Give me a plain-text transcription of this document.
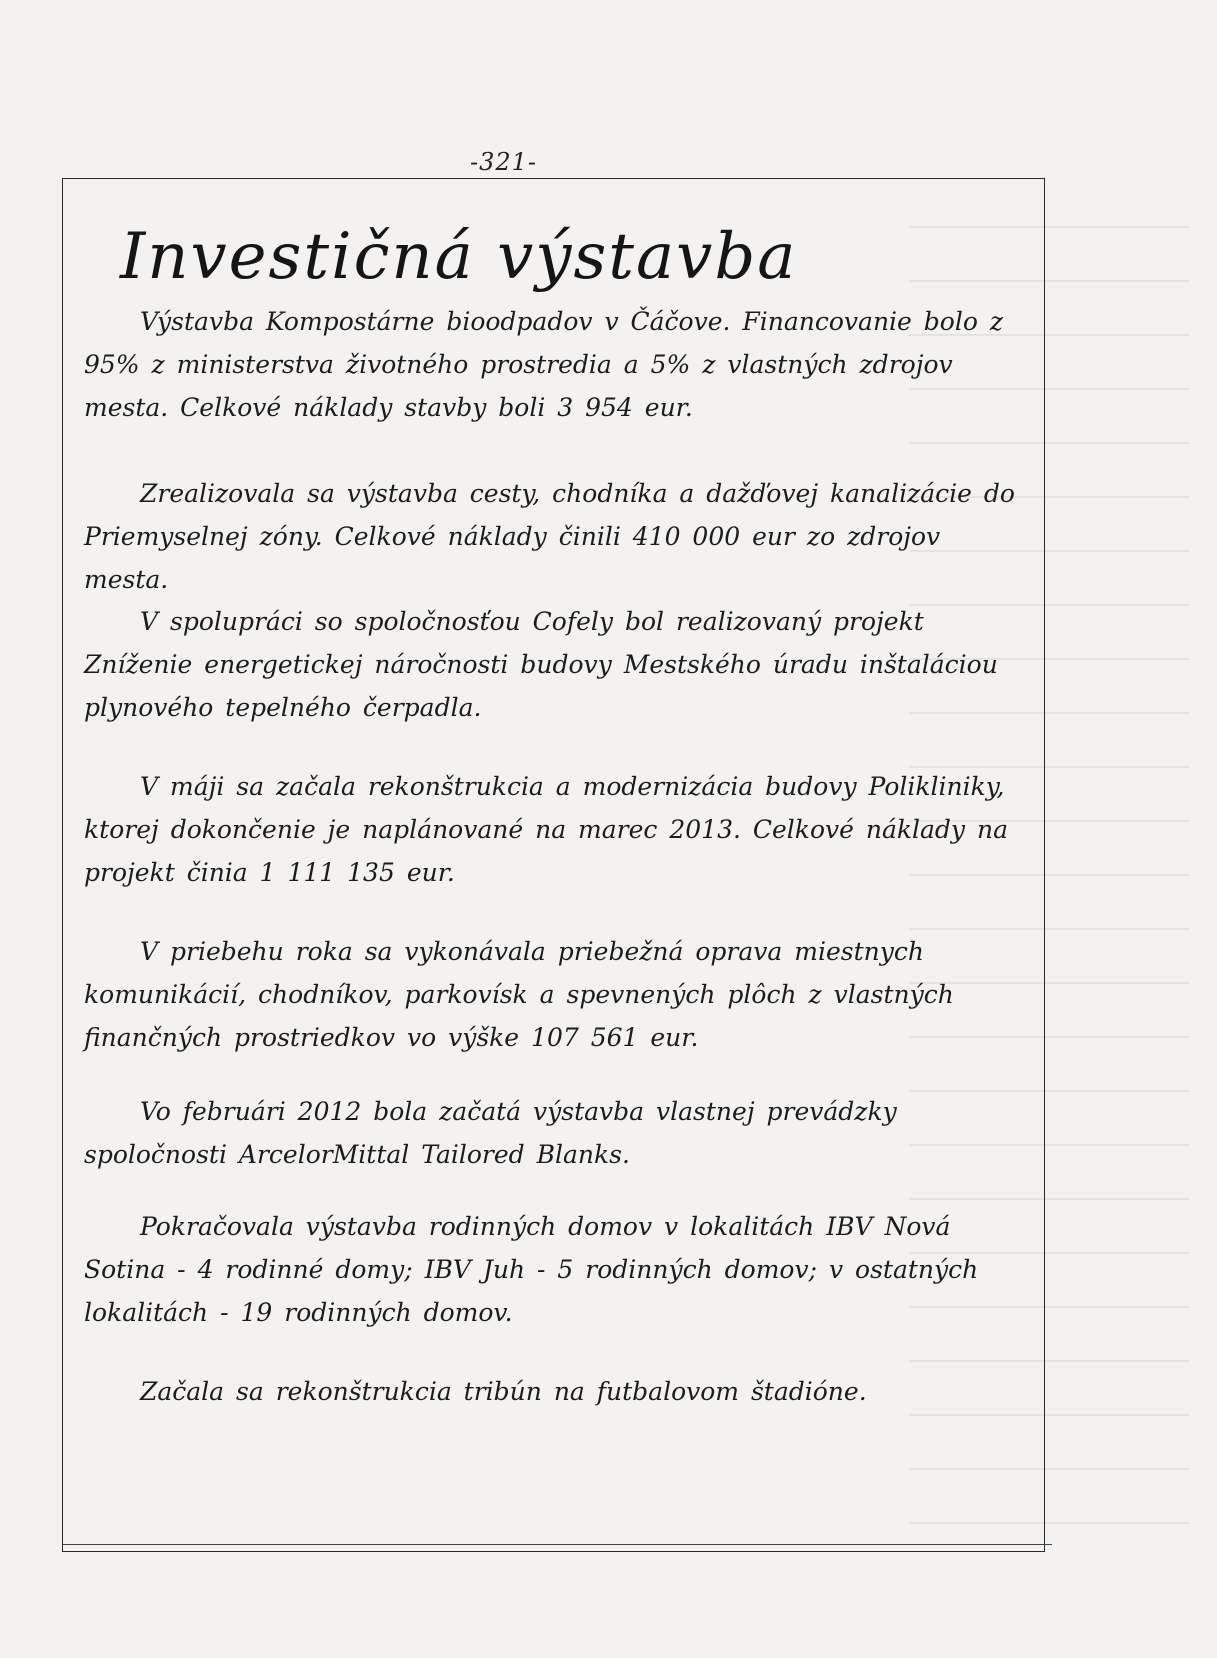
-321-
Investičná výstavba
Výstavba Kompostárne bioodpadov v Čáčove. Financovanie bolo z 95% z ministerstva životného prostredia a 5% z vlastných zdrojov mesta. Celkové náklady stavby boli 3 954 eur.
Zrealizovala sa výstavba cesty, chodníka a dažďovej kanalizácie do Priemyselnej zóny. Celkové náklady činili 410 000 eur zo zdrojov mesta.
V spolupráci so spoločnosťou Cofely bol realizovaný projekt Zníženie energetickej náročnosti budovy Mestského úradu inštaláciou plynového tepelného čerpadla.
V máji sa začala rekonštrukcia a modernizácia budovy Polikliniky, ktorej dokončenie je naplánované na marec 2013. Celkové náklady na projekt činia 1 111 135 eur.
V priebehu roka sa vykonávala priebežná oprava miestnych komunikácií, chodníkov, parkovísk a spevnených plôch z vlastných finančných prostriedkov vo výške 107 561 eur.
Vo februári 2012 bola začatá výstavba vlastnej prevádzky spoločnosti ArcelorMittal Tailored Blanks.
Pokračovala výstavba rodinných domov v lokalitách IBV Nová Sotina - 4 rodinné domy; IBV Juh - 5 rodinných domov; v ostatných lokalitách - 19 rodinných domov.
Začala sa rekonštrukcia tribún na futbalovom štadióne.
